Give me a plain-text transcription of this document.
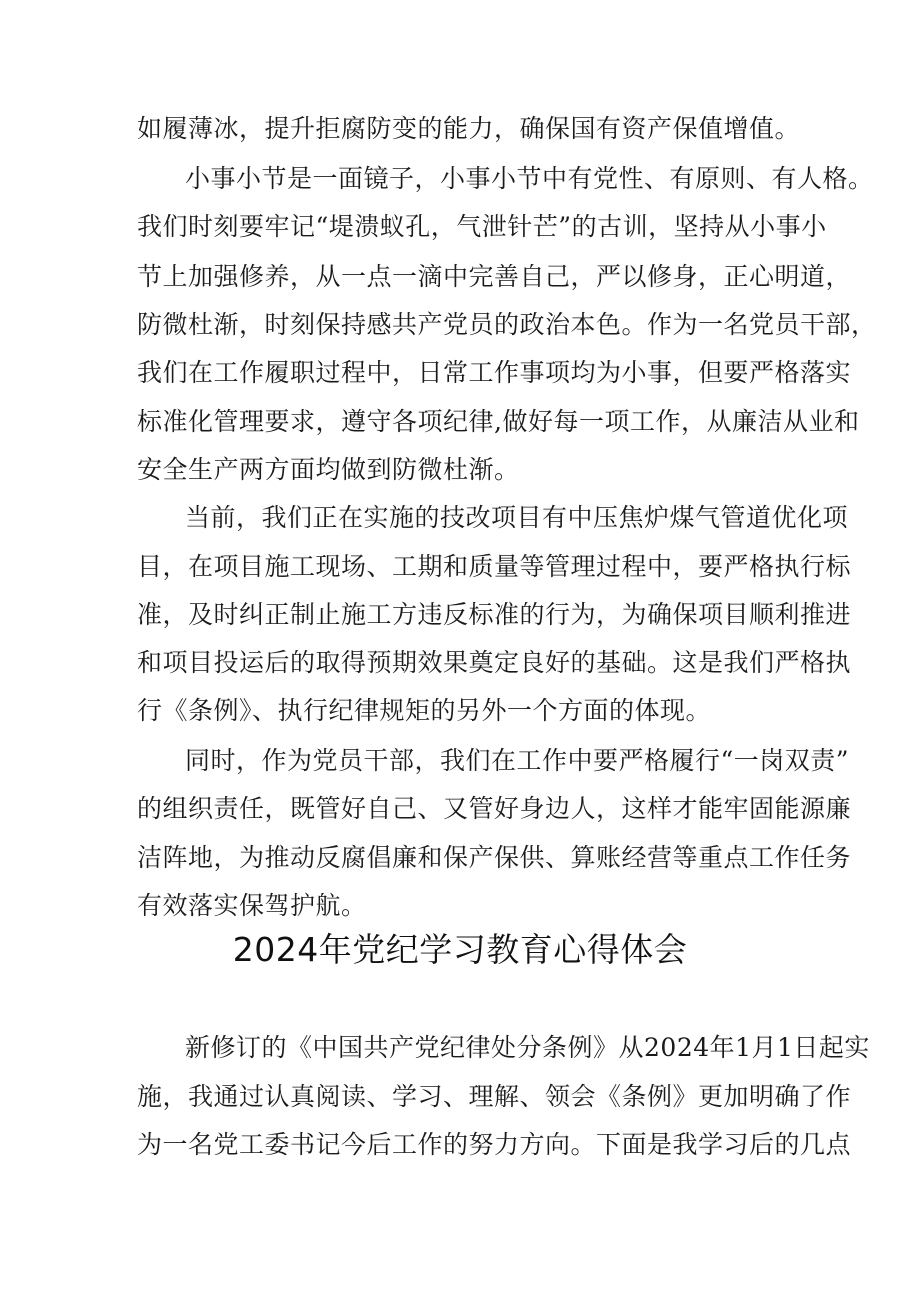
如履薄冰，提升拒腐防变的能力，确保国有资产保值增值。
小事小节是一面镜子，小事小节中有党性、有原则、有人格。
我们时刻要牢记“堤溃蚁孔，气泄针芒”的古训，坚持从小事小
节上加强修养，从一点一滴中完善自己，严以修身，正心明道，
防微杜渐，时刻保持感共产党员的政治本色。作为一名党员干部，
我们在工作履职过程中，日常工作事项均为小事，但要严格落实
标准化管理要求，遵守各项纪律,做好每一项工作，从廉洁从业和
安全生产两方面均做到防微杜渐。
当前，我们正在实施的技改项目有中压焦炉煤气管道优化项
目，在项目施工现场、工期和质量等管理过程中，要严格执行标
准，及时纠正制止施工方违反标准的行为，为确保项目顺利推进
和项目投运后的取得预期效果奠定良好的基础。这是我们严格执
行《条例》、执行纪律规矩的另外一个方面的体现。
同时，作为党员干部，我们在工作中要严格履行“一岗双责”
的组织责任，既管好自己、又管好身边人，这样才能牢固能源廉
洁阵地，为推动反腐倡廉和保产保供、算账经营等重点工作任务
有效落实保驾护航。
2024年党纪学习教育心得体会
新修订的《中国共产党纪律处分条例》从2024年1月1日起实
施，我通过认真阅读、学习、理解、领会《条例》更加明确了作
为一名党工委书记今后工作的努力方向。下面是我学习后的几点
